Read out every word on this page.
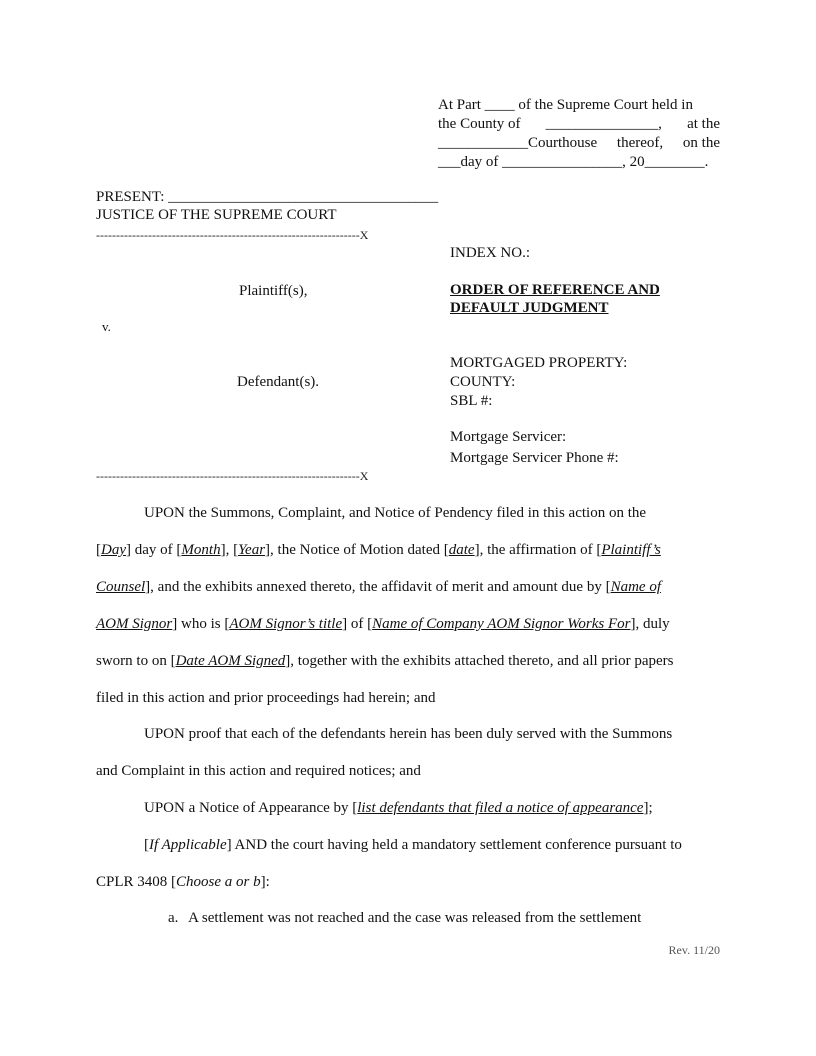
At Part ____ of the Supreme Court held in
the County of _______________, at the
____________Courthouse thereof, on the
___day of ________________, 20________.
PRESENT: ____________________________________
JUSTICE OF THE SUPREME COURT
------------------------------------------------------------------X
INDEX NO.:
Plaintiff(s),	ORDER OF REFERENCE AND
DEFAULT JUDGMENT
v.
MORTGAGED PROPERTY:
Defendant(s).	COUNTY:
SBL #:
Mortgage Servicer:
Mortgage Servicer Phone #:
------------------------------------------------------------------X
UPON the Summons, Complaint, and Notice of Pendency filed in this action on the
[Day] day of [Month], [Year], the Notice of Motion dated [date], the affirmation of [Plaintiff’s
Counsel], and the exhibits annexed thereto, the affidavit of merit and amount due by [Name of
AOM Signor] who is [AOM Signor’s title] of [Name of Company AOM Signor Works For], duly
sworn to on [Date AOM Signed], together with the exhibits attached thereto, and all prior papers
filed in this action and prior proceedings had herein; and
UPON proof that each of the defendants herein has been duly served with the Summons
and Complaint in this action and required notices; and
UPON a Notice of Appearance by [list defendants that filed a notice of appearance];
[If Applicable] AND the court having held a mandatory settlement conference pursuant to
CPLR 3408 [Choose a or b]:
a. A settlement was not reached and the case was released from the settlement
Rev. 11/20
